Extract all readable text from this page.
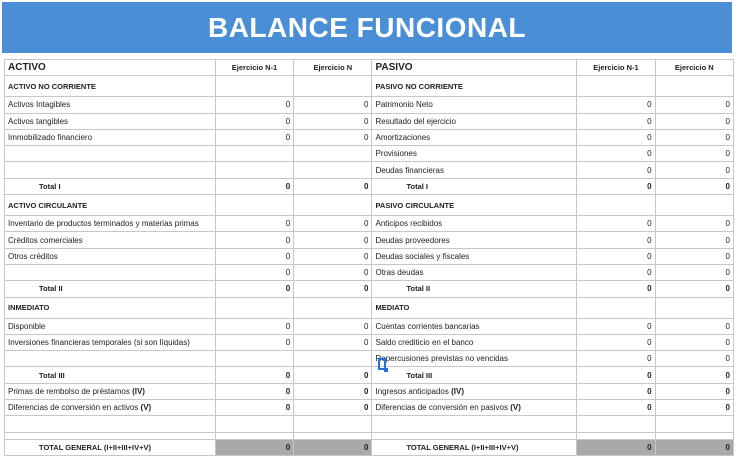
BALANCE FUNCIONAL
ACTIVO	Ejercicio N-1	Ejercicio N	PASIVO	Ejercicio N-1	Ejercicio N
ACTIVO NO CORRIENTE			PASIVO NO CORRIENTE		
Activos Intagibles	0	0	Patrimonio Neto	0	0
Activos tangibles	0	0	Resultado del ejercicio	0	0
Immobilizado financiero	0	0	Amortizaciones	0	0
			Provisiones	0	0
			Deudas financieras	0	0
Total I	0	0	Total I	0	0
ACTIVO CIRCULANTE			PASIVO CIRCULANTE		
Inventario de productos terminados y materias primas	0	0	Anticipos recibidos	0	0
Créditos comerciales	0	0	Deudas proveedores	0	0
Otros créditos	0	0	Deudas sociales y fiscales	0	0
	0	0	Otras deudas	0	0
Total II	0	0	Total II	0	0
INMEDIATO			MEDIATO		
Disponible	0	0	Cuentas corrientes bancarias	0	0
Inversiones financieras temporales (si son líquidas)	0	0	Saldo crediticio en el banco	0	0
			Repercusiones previstas no vencidas	0	0
Total III	0	0	Total III	0	0
Primas de rembolso de préstamos (IV)	0	0	Ingresos anticipados (IV)	0	0
Diferencias de conversión en activos (V)	0	0	Diferencias de conversión en pasivos (V)	0	0

TOTAL GENERAL (I+II+III+IV+V)	0	0	TOTAL GENERAL (I+II+III+IV+V)	0	0
